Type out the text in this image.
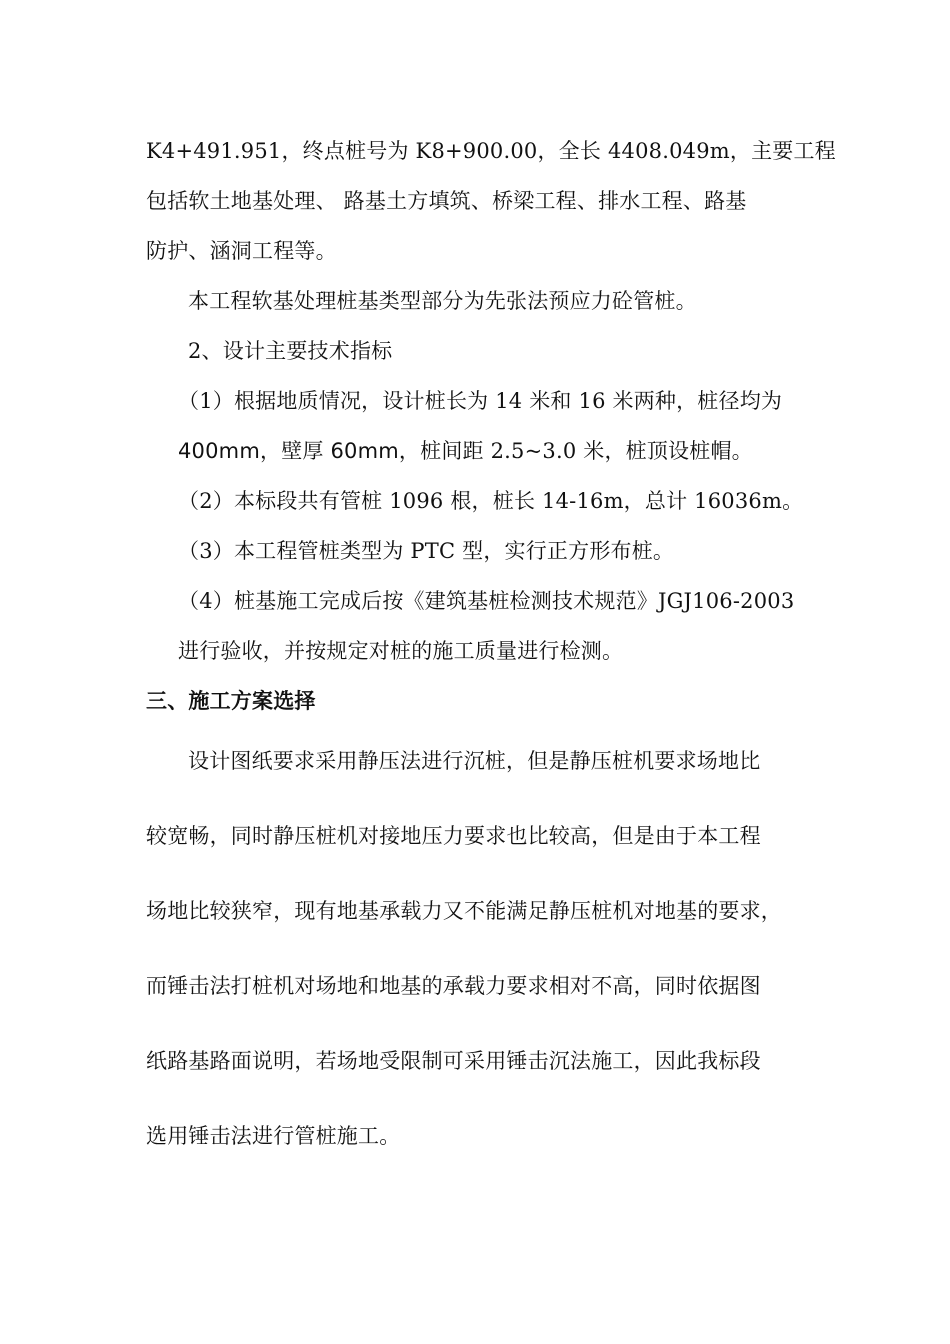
K4+491.951，终点桩号为 K8+900.00，全长 4408.049m，主要工程
包括软土地基处理、 路基土方填筑、桥梁工程、排水工程、路基
防护、涵洞工程等。
本工程软基处理桩基类型部分为先张法预应力砼管桩。
2、设计主要技术指标
（1）根据地质情况，设计桩长为 14 米和 16 米两种，桩径均为
400mm，壁厚 60mm，桩间距 2.5~3.0 米，桩顶设桩帽。
（2）本标段共有管桩 1096 根，桩长 14-16m，总计 16036m。
（3）本工程管桩类型为 PTC 型，实行正方形布桩。
（4）桩基施工完成后按《建筑基桩检测技术规范》JGJ106-2003
进行验收，并按规定对桩的施工质量进行检测。
三、施工方案选择
设计图纸要求采用静压法进行沉桩，但是静压桩机要求场地比
较宽畅，同时静压桩机对接地压力要求也比较高，但是由于本工程
场地比较狭窄，现有地基承载力又不能满足静压桩机对地基的要求，
而锤击法打桩机对场地和地基的承载力要求相对不高，同时依据图
纸路基路面说明，若场地受限制可采用锤击沉法施工，因此我标段
选用锤击法进行管桩施工。
